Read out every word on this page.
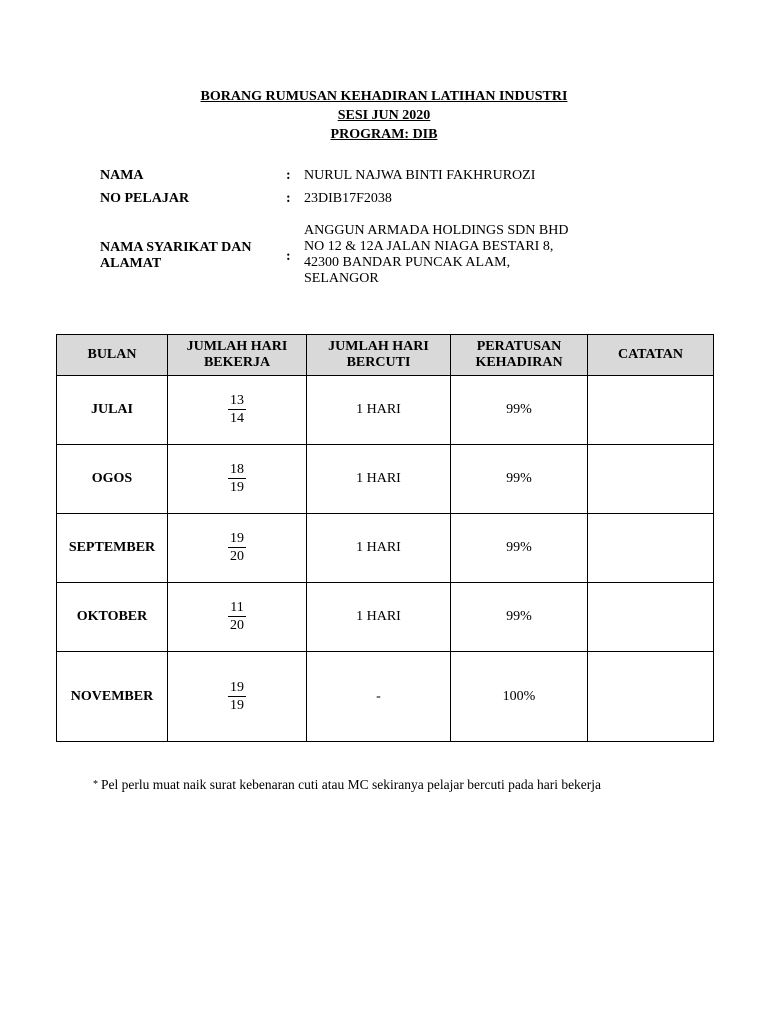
BORANG RUMUSAN KEHADIRAN LATIHAN INDUSTRI
SESI JUN 2020
PROGRAM: DIB
NAMA	: NURUL NAJWA BINTI FAKHRUROZI
NO PELAJAR	: 23DIB17F2038
NAMA SYARIKAT DAN
ALAMAT	:
ANGGUN ARMADA HOLDINGS SDN BHD
NO 12 & 12A JALAN NIAGA BESTARI 8,
42300 BANDAR PUNCAK ALAM,
SELANGOR
BULAN	JUMLAH HARI BEKERJA	JUMLAH HARI BERCUTI	PERATUSAN KEHADIRAN	CATATAN
JULAI	$\frac{13}{14}$	1 HARI	99%	
OGOS	$\frac{18}{19}$	1 HARI	99%	
SEPTEMBER	$\frac{19}{20}$	1 HARI	99%	
OKTOBER	$\frac{11}{20}$	1 HARI	99%	
NOVEMBER	$\frac{19}{19}$	-	100%	
* Pel perlu muat naik surat kebenaran cuti atau MC sekiranya pelajar bercuti pada hari bekerja
